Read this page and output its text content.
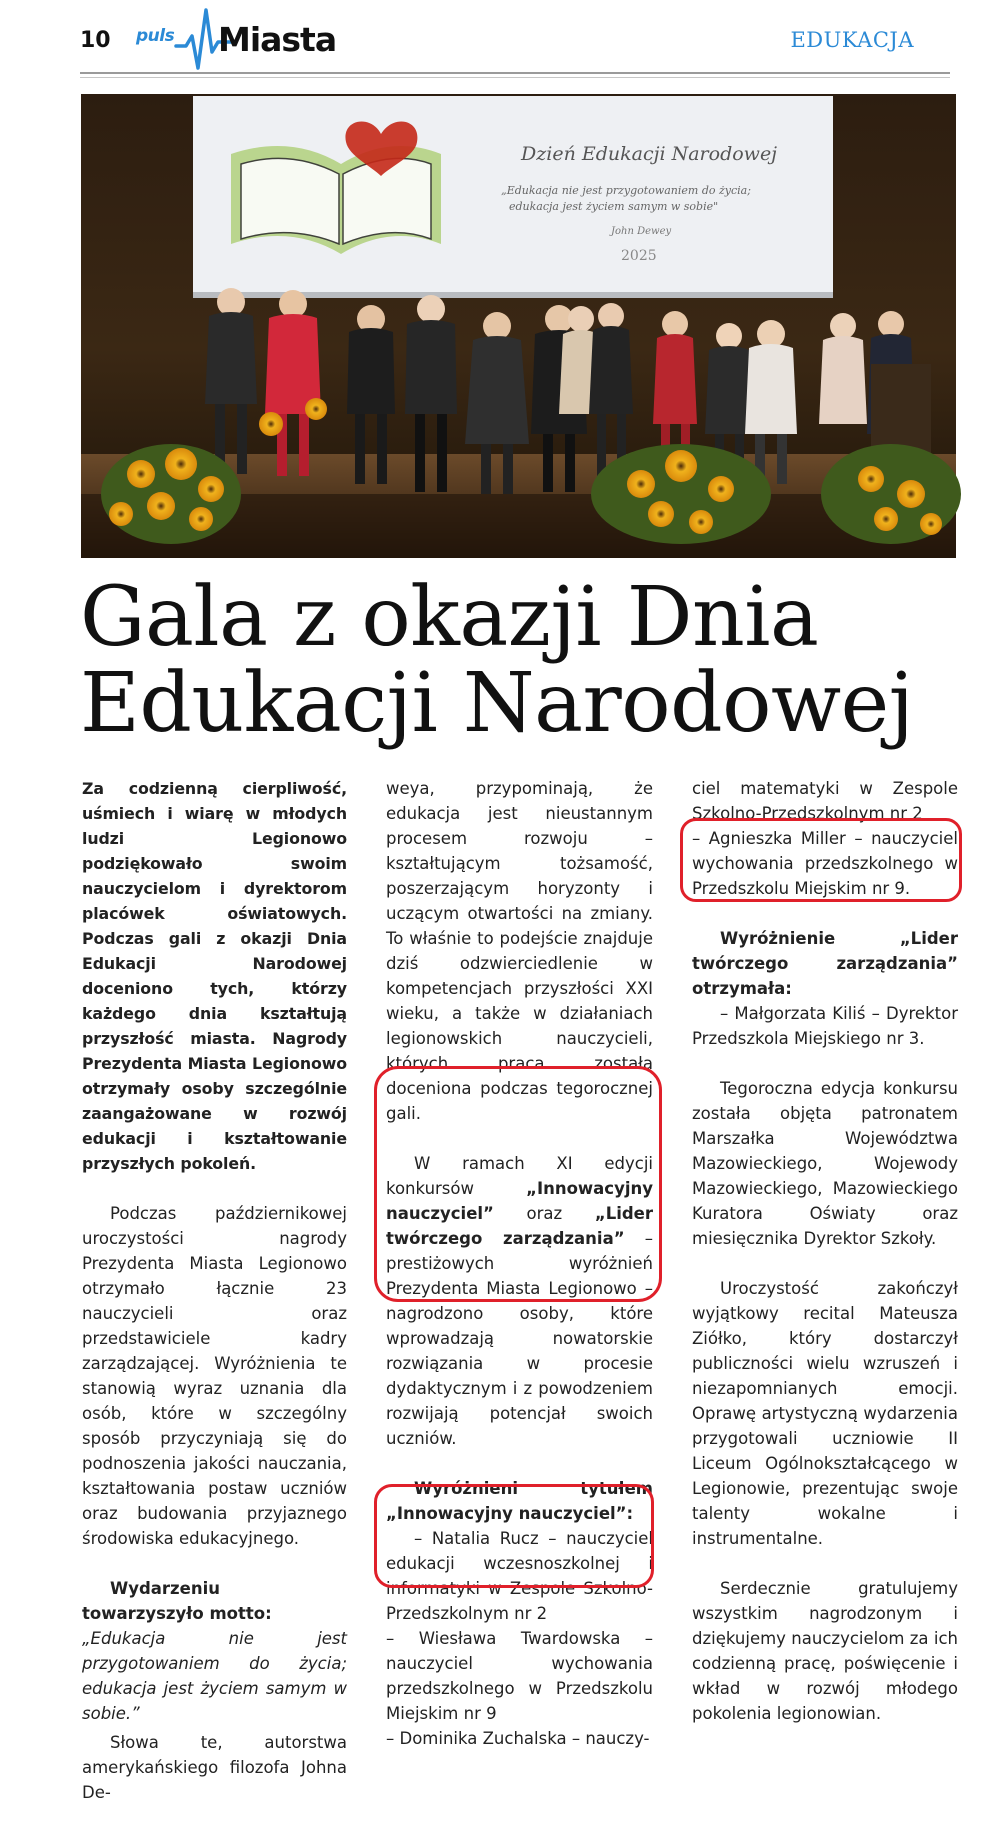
10 puls Miasta	EDUKACJA
Dzień Edukacji Narodowej
„Edukacja nie jest przygotowaniem do życia;
edukacja jest życiem samym w sobie"
John Dewey
2025
Gala z okazji Dnia
Edukacji Narodowej

Za codzienną cierpliwość, uśmiech i wiarę w młodych ludzi Legionowo podziękowało swoim nauczycielom i dyrektorom placówek oświatowych. Podczas gali z okazji Dnia Edukacji Narodowej doceniono tych, którzy każdego dnia kształtują przyszłość miasta. Nagrody Prezydenta Miasta Legionowo otrzymały osoby szczególnie zaangażowane w rozwój edukacji i kształtowanie przyszłych pokoleń.

Podczas październikowej uroczystości nagrody Prezydenta Miasta Legionowo otrzymało łącznie 23 nauczycieli oraz przedstawiciele kadry zarządzającej. Wyróżnienia te stanowią wyraz uznania dla osób, które w szczególny sposób przyczyniają się do podnoszenia jakości nauczania, kształtowania postaw uczniów oraz budowania przyjaznego środowiska edukacyjnego.

Wydarzeniu towarzyszyło motto:

„Edukacja nie jest przygotowaniem do życia; edukacja jest życiem samym w sobie.”

Słowa te, autorstwa amerykańskiego filozofa Johna De-

weya, przypominają, że edukacja jest nieustannym procesem rozwoju – kształtującym tożsamość, poszerzającym horyzonty i uczącym otwartości na zmiany. To właśnie to podejście znajduje dziś odzwierciedlenie w kompetencjach przyszłości XXI wieku, a także w działaniach legionowskich nauczycieli, których praca została doceniona podczas tegorocznej gali.

W ramach XI edycji konkursów „Innowacyjny nauczyciel” oraz „Lider twórczego zarządzania” – prestiżowych wyróżnień Prezydenta Miasta Legionowo – nagrodzono osoby, które wprowadzają nowatorskie rozwiązania w procesie dydaktycznym i z powodzeniem rozwijają potencjał swoich uczniów.

Wyróżnieni tytułem „Innowacyjny nauczyciel”:

– Natalia Rucz – nauczyciel edukacji wczesnoszkolnej i informatyki w Zespole Szkolno-Przedszkolnym nr 2

– Wiesława Twardowska – nauczyciel wychowania przedszkolnego w Przedszkolu Miejskim nr 9

– Dominika Zuchalska – nauczy-

ciel matematyki w Zespole Szkolno-Przedszkolnym nr 2

– Agnieszka Miller – nauczyciel wychowania przedszkolnego w Przedszkolu Miejskim nr 9.

Wyróżnienie „Lider twórczego zarządzania” otrzymała:

– Małgorzata Kiliś – Dyrektor Przedszkola Miejskiego nr 3.

Tegoroczna edycja konkursu została objęta patronatem Marszałka Województwa Mazowieckiego, Wojewody Mazowieckiego, Mazowieckiego Kuratora Oświaty oraz miesięcznika Dyrektor Szkoły.

Uroczystość zakończył wyjątkowy recital Mateusza Ziółko, który dostarczył publiczności wielu wzruszeń i niezapomnianych emocji. Oprawę artystyczną wydarzenia przygotowali uczniowie II Liceum Ogólnokształcącego w Legionowie, prezentując swoje talenty wokalne i instrumentalne.

Serdecznie gratulujemy wszystkim nagrodzonym i dziękujemy nauczycielom za ich codzienną pracę, poświęcenie i wkład w rozwój młodego pokolenia legionowian.
